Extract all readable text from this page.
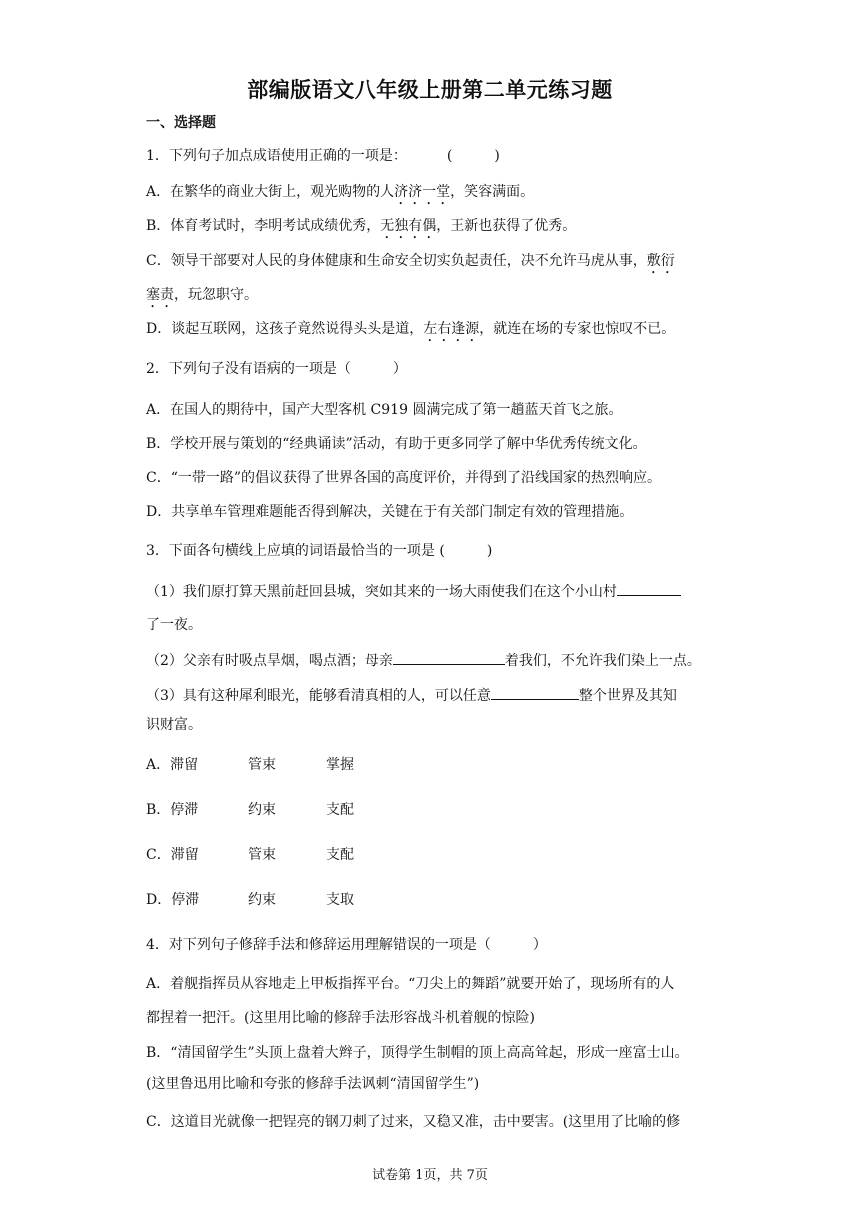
部编版语文八年级上册第二单元练习题
一、选择题
1．下列句子加点成语使用正确的一项是：	(　　　)
A．在繁华的商业大街上，观光购物的人济济一堂，笑容满面。
B．体育考试时，李明考试成绩优秀，无独有偶，王新也获得了优秀。
C．领导干部要对人民的身体健康和生命安全切实负起责任，决不允许马虎从事，敷衍
塞责，玩忽职守。
D．谈起互联网，这孩子竟然说得头头是道，左右逢源，就连在场的专家也惊叹不已。
2．下列句子没有语病的一项是（　　　）
A．在国人的期待中，国产大型客机 C919 圆满完成了第一趟蓝天首飞之旅。
B．学校开展与策划的“经典诵读”活动，有助于更多同学了解中华优秀传统文化。
C．“一带一路”的倡议获得了世界各国的高度评价，并得到了沿线国家的热烈响应。
D．共享单车管理难题能否得到解决，关键在于有关部门制定有效的管理措施。
3．下面各句横线上应填的词语最恰当的一项是 (　　　)
（1）我们原打算天黑前赶回县城，突如其来的一场大雨使我们在这个小山村
了一夜。
（2）父亲有时吸点旱烟，喝点酒；母亲	着我们，不允许我们染上一点。
（3）具有这种犀利眼光，能够看清真相的人，可以任意	整个世界及其知
识财富。
A．滞留	管束	掌握
B．停滞	约束	支配
C．滞留	管束	支配
D．停滞	约束	支取
4．对下列句子修辞手法和修辞运用理解错误的一项是（　　　）
A．着舰指挥员从容地走上甲板指挥平台。“刀尖上的舞蹈”就要开始了，现场所有的人
都捏着一把汗。(这里用比喻的修辞手法形容战斗机着舰的惊险)
B．“清国留学生”头顶上盘着大辫子，顶得学生制帽的顶上高高耸起，形成一座富士山。
(这里鲁迅用比喻和夸张的修辞手法讽刺“清国留学生”)
C．这道目光就像一把锃亮的钢刀刺了过来，又稳又准，击中要害。(这里用了比喻的修
试卷第 1页，共 7页
